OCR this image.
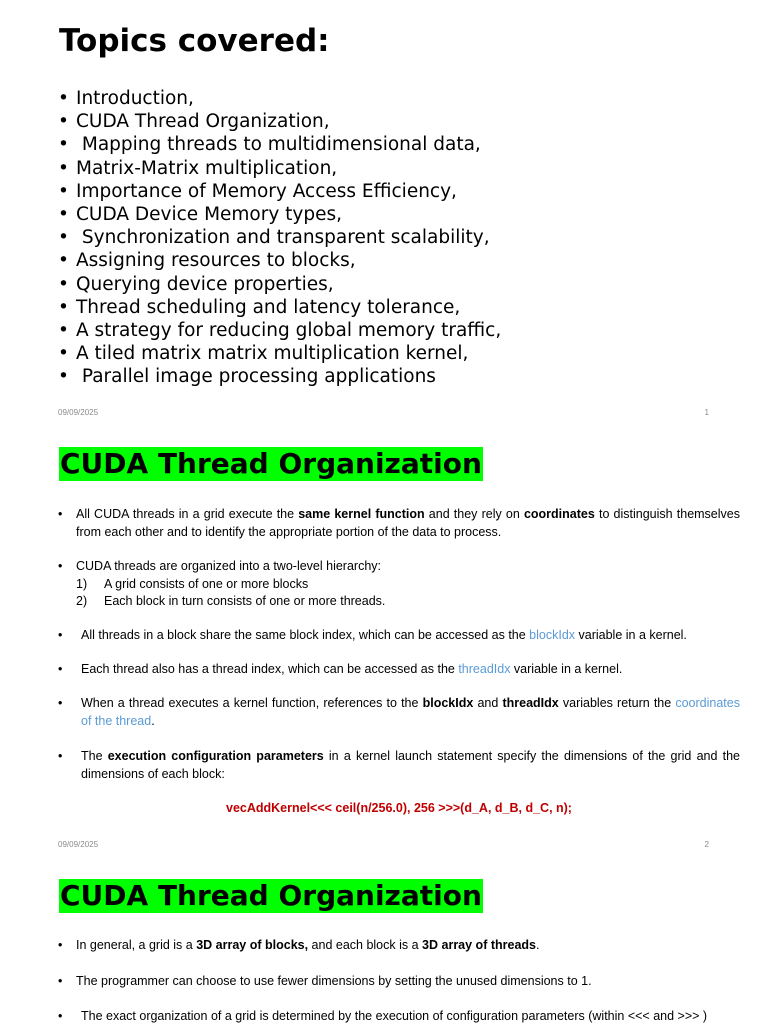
Topics covered:
• Introduction,
• CUDA Thread Organization,
• Mapping threads to multidimensional data,
• Matrix-Matrix multiplication,
• Importance of Memory Access Efficiency,
• CUDA Device Memory types,
• Synchronization and transparent scalability,
• Assigning resources to blocks,
• Querying device properties,
• Thread scheduling and latency tolerance,
• A strategy for reducing global memory traffic,
• A tiled matrix matrix multiplication kernel,
• Parallel image processing applications
09/09/2025	1
CUDA Thread Organization
• All CUDA threads in a grid execute the same kernel function and they rely on coordinates to distinguish themselves from each other and to identify the appropriate portion of the data to process.
• CUDA threads are organized into a two-level hierarchy:
1) A grid consists of one or more blocks
2) Each block in turn consists of one or more threads.
• All threads in a block share the same block index, which can be accessed as the blockIdx variable in a kernel.
• Each thread also has a thread index, which can be accessed as the threadIdx variable in a kernel.
• When a thread executes a kernel function, references to the blockIdx and threadIdx variables return the coordinates of the thread.
• The execution configuration parameters in a kernel launch statement specify the dimensions of the grid and the dimensions of each block:
vecAddKernel<<< ceil(n/256.0), 256 >>>(d_A, d_B, d_C, n);
09/09/2025	2
CUDA Thread Organization
• In general, a grid is a 3D array of blocks, and each block is a 3D array of threads.
• The programmer can choose to use fewer dimensions by setting the unused dimensions to 1.
• The exact organization of a grid is determined by the execution of configuration parameters (within <<< and >>> )
